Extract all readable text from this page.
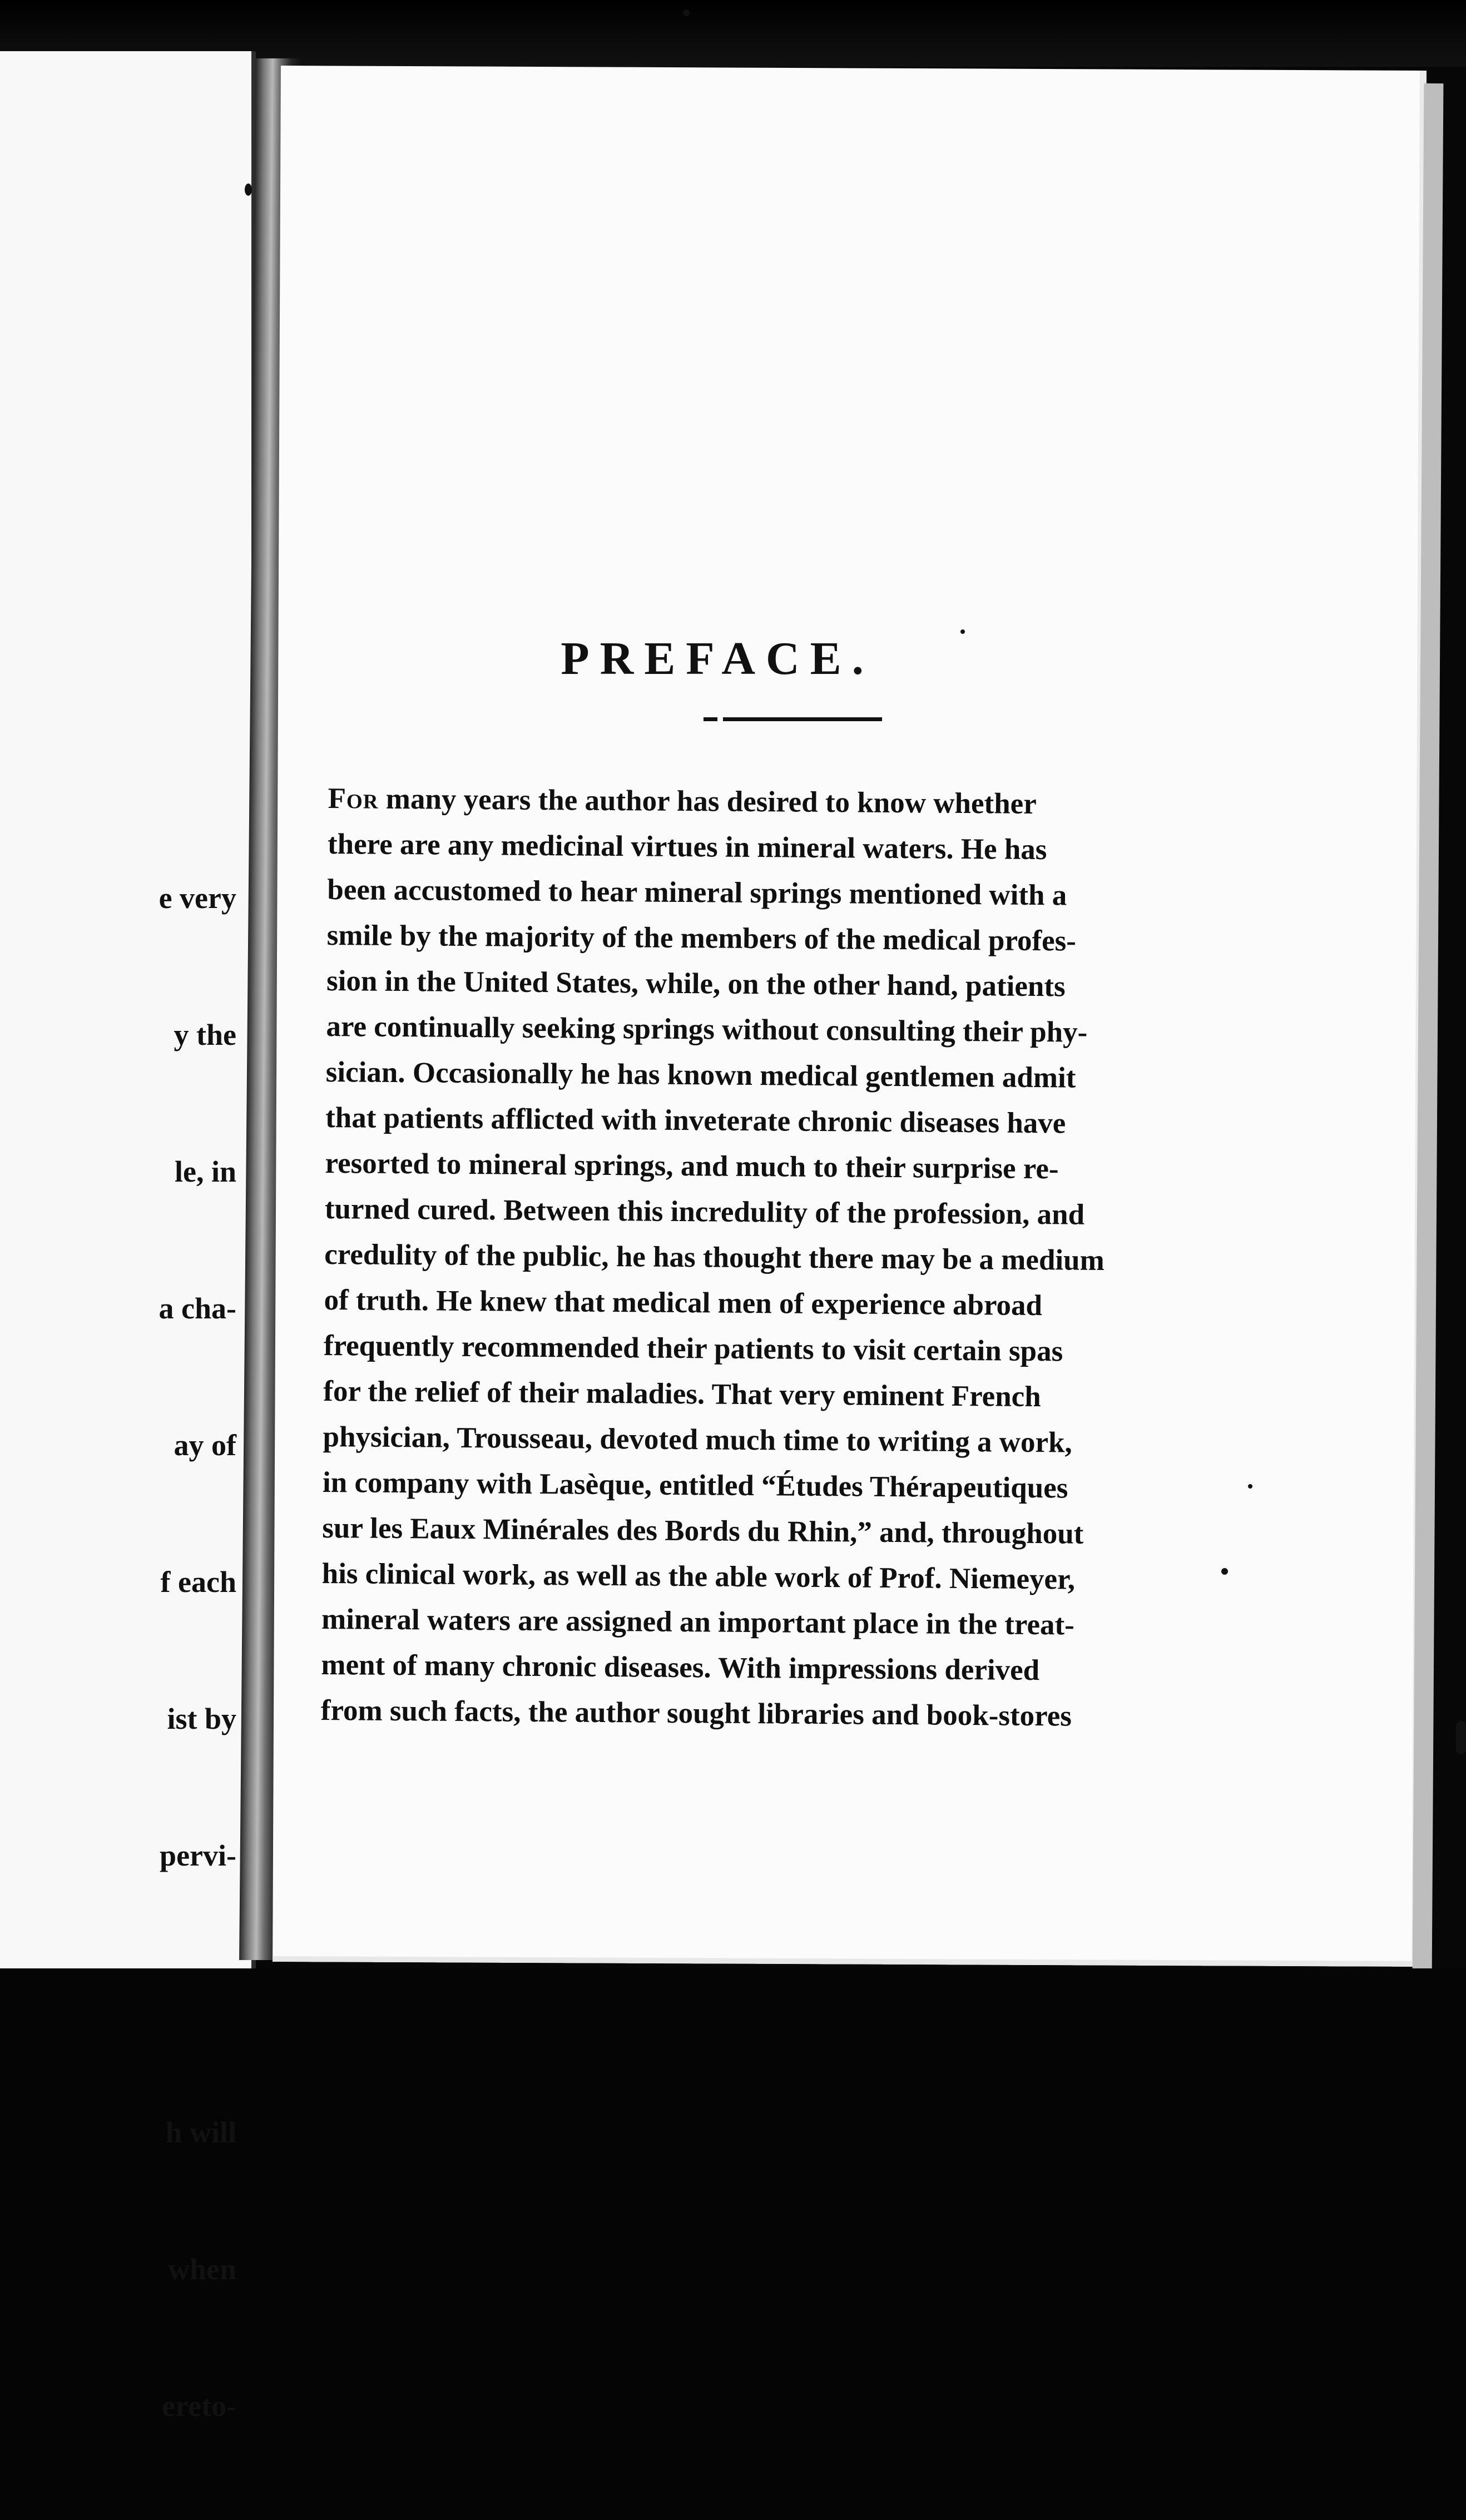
e very

y the

le, in

a cha-

ay of

f each

ist by

pervi-

h will

when

ereto-

PREFACE.
For many years the author has desired to know whether
there are any medicinal virtues in mineral waters. He has
been accustomed to hear mineral springs mentioned with a
smile by the majority of the members of the medical profes-
sion in the United States, while, on the other hand, patients
are continually seeking springs without consulting their phy-
sician. Occasionally he has known medical gentlemen admit
that patients afflicted with inveterate chronic diseases have
resorted to mineral springs, and much to their surprise re-
turned cured. Between this incredulity of the profession, and
credulity of the public, he has thought there may be a medium
of truth. He knew that medical men of experience abroad
frequently recommended their patients to visit certain spas
for the relief of their maladies. That very eminent French
physician, Trousseau, devoted much time to writing a work,
in company with Lasèque, entitled “Études Thérapeutiques
sur les Eaux Minérales des Bords du Rhin,” and, throughout
his clinical work, as well as the able work of Prof. Niemeyer,
mineral waters are assigned an important place in the treat-
ment of many chronic diseases. With impressions derived
from such facts, the author sought libraries and book-stores
